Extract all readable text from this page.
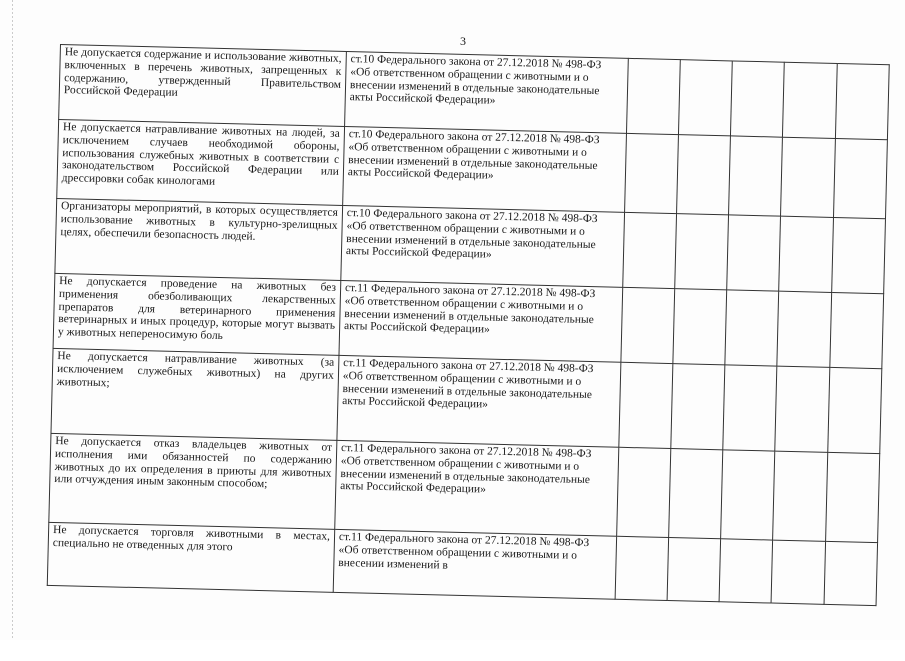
3
Не допускается содержание и использование животных, включенных в перечень животных, запрещенных к содержанию, утвержденный Правительством Российской Федерации	ст.10 Федерального закона от 27.12.2018 № 498-ФЗ «Об ответственном обращении с животными и о внесении изменений в отдельные законодательные акты Российской Федерации»					
Не допускается натравливание животных на людей, за исключением случаев необходимой обороны, использования служебных животных в соответствии с законодательством Российской Федерации или дрессировки собак кинологами	ст.10 Федерального закона от 27.12.2018 № 498-ФЗ «Об ответственном обращении с животными и о внесении изменений в отдельные законодательные акты Российской Федерации»					
Организаторы мероприятий, в которых осуществляется использование животных в культурно-зрелищных целях, обеспечили безопасность людей.	ст.10 Федерального закона от 27.12.2018 № 498-ФЗ «Об ответственном обращении с животными и о внесении изменений в отдельные законодательные акты Российской Федерации»					
Не допускается проведение на животных без применения обезболивающих лекарственных препаратов для ветеринарного применения ветеринарных и иных процедур, которые могут вызвать у животных непереносимую боль	ст.11 Федерального закона от 27.12.2018 № 498-ФЗ «Об ответственном обращении с животными и о внесении изменений в отдельные законодательные акты Российской Федерации»					
Не допускается натравливание животных (за исключением служебных животных) на других животных;	ст.11 Федерального закона от 27.12.2018 № 498-ФЗ «Об ответственном обращении с животными и о внесении изменений в отдельные законодательные акты Российской Федерации»					
Не допускается отказ владельцев животных от исполнения ими обязанностей по содержанию животных до их определения в приюты для животных или отчуждения иным законным способом;	ст.11 Федерального закона от 27.12.2018 № 498-ФЗ «Об ответственном обращении с животными и о внесении изменений в отдельные законодательные акты Российской Федерации»					
Не допускается торговля животными в местах, специально не отведенных для этого	ст.11 Федерального закона от 27.12.2018 № 498-ФЗ «Об ответственном обращении с животными и о внесении изменений в					
